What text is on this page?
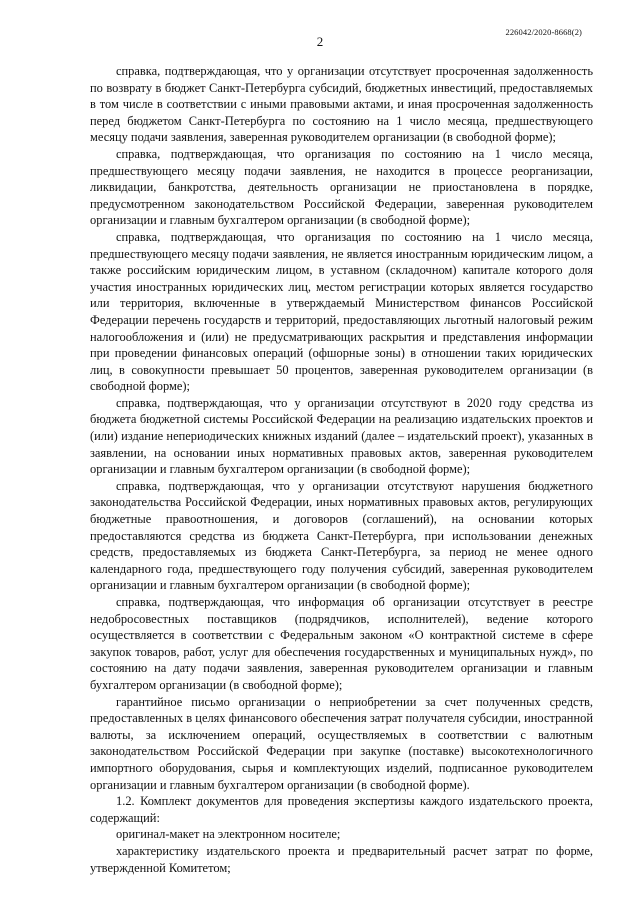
226042/2020-8668(2)
2

справка, подтверждающая, что у организации отсутствует просроченная задолженность по возврату в бюджет Санкт-Петербурга субсидий, бюджетных инвестиций, предоставляемых в том числе в соответствии с иными правовыми актами, и иная просроченная задолженность перед бюджетом Санкт-Петербурга по состоянию на 1 число месяца, предшествующего месяцу подачи заявления, заверенная руководителем организации (в свободной форме);

справка, подтверждающая, что организация по состоянию на 1 число месяца, предшествующего месяцу подачи заявления, не находится в процессе реорганизации, ликвидации, банкротства, деятельность организации не приостановлена в порядке, предусмотренном законодательством Российской Федерации, заверенная руководителем организации и главным бухгалтером организации (в свободной форме);

справка, подтверждающая, что организация по состоянию на 1 число месяца, предшествующего месяцу подачи заявления, не является иностранным юридическим лицом, а также российским юридическим лицом, в уставном (складочном) капитале которого доля участия иностранных юридических лиц, местом регистрации которых является государство или территория, включенные в утверждаемый Министерством финансов Российской Федерации перечень государств и территорий, предоставляющих льготный налоговый режим налогообложения и (или) не предусматривающих раскрытия и представления информации при проведении финансовых операций (офшорные зоны) в отношении таких юридических лиц, в совокупности превышает 50 процентов, заверенная руководителем организации (в свободной форме);

справка, подтверждающая, что у организации отсутствуют в 2020 году средства из бюджета бюджетной системы Российской Федерации на реализацию издательских проектов и (или) издание непериодических книжных изданий (далее – издательский проект), указанных в заявлении, на основании иных нормативных правовых актов, заверенная руководителем организации и главным бухгалтером организации (в свободной форме);

справка, подтверждающая, что у организации отсутствуют нарушения бюджетного законодательства Российской Федерации, иных нормативных правовых актов, регулирующих бюджетные правоотношения, и договоров (соглашений), на основании которых предоставляются средства из бюджета Санкт-Петербурга, при использовании денежных средств, предоставляемых из бюджета Санкт-Петербурга, за период не менее одного календарного года, предшествующего году получения субсидий, заверенная руководителем организации и главным бухгалтером организации (в свободной форме);

справка, подтверждающая, что информация об организации отсутствует в реестре недобросовестных поставщиков (подрядчиков, исполнителей), ведение которого осуществляется в соответствии с Федеральным законом «О контрактной системе в сфере закупок товаров, работ, услуг для обеспечения государственных и муниципальных нужд», по состоянию на дату подачи заявления, заверенная руководителем организации и главным бухгалтером организации (в свободной форме);

гарантийное письмо организации о неприобретении за счет полученных средств, предоставленных в целях финансового обеспечения затрат получателя субсидии, иностранной валюты, за исключением операций, осуществляемых в соответствии с валютным законодательством Российской Федерации при закупке (поставке) высокотехнологичного импортного оборудования, сырья и комплектующих изделий, подписанное руководителем организации и главным бухгалтером организации (в свободной форме).

1.2. Комплект документов для проведения экспертизы каждого издательского проекта, содержащий:

оригинал-макет на электронном носителе;

характеристику издательского проекта и предварительный расчет затрат по форме, утвержденной Комитетом;
